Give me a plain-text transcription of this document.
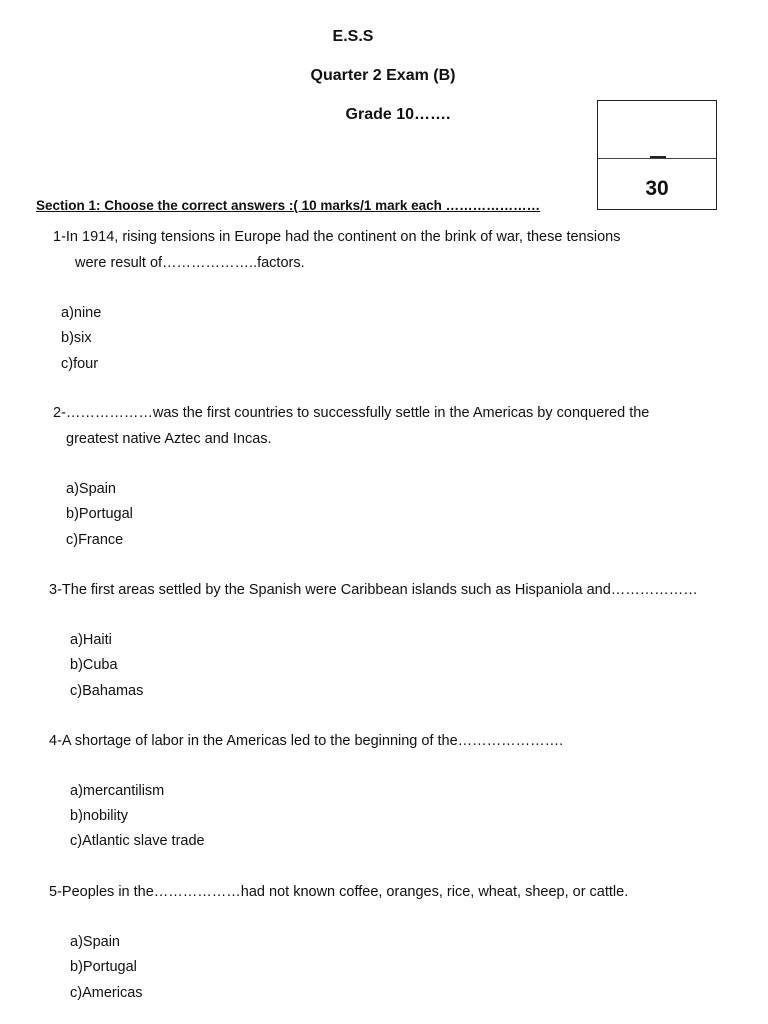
E.S.S
Quarter 2 Exam (B)
Grade 10…….
30
Section 1: Choose the correct answers :( 10 marks/1 mark each …………………
1-In 1914, rising tensions in Europe had the continent on the brink of war, these tensions
were result of………………..factors.
a)nine
b)six
c)four
2-………………was the first countries to successfully settle in the Americas by conquered the
greatest native Aztec and Incas.
a)Spain
b)Portugal
c)France
3-The first areas settled by the Spanish were Caribbean islands such as Hispaniola and………………
a)Haiti
b)Cuba
c)Bahamas
4-A shortage of labor in the Americas led to the beginning of the………………….
a)mercantilism
b)nobility
c)Atlantic slave trade
5-Peoples in the………………had not known coffee, oranges, rice, wheat, sheep, or cattle.
a)Spain
b)Portugal
c)Americas
